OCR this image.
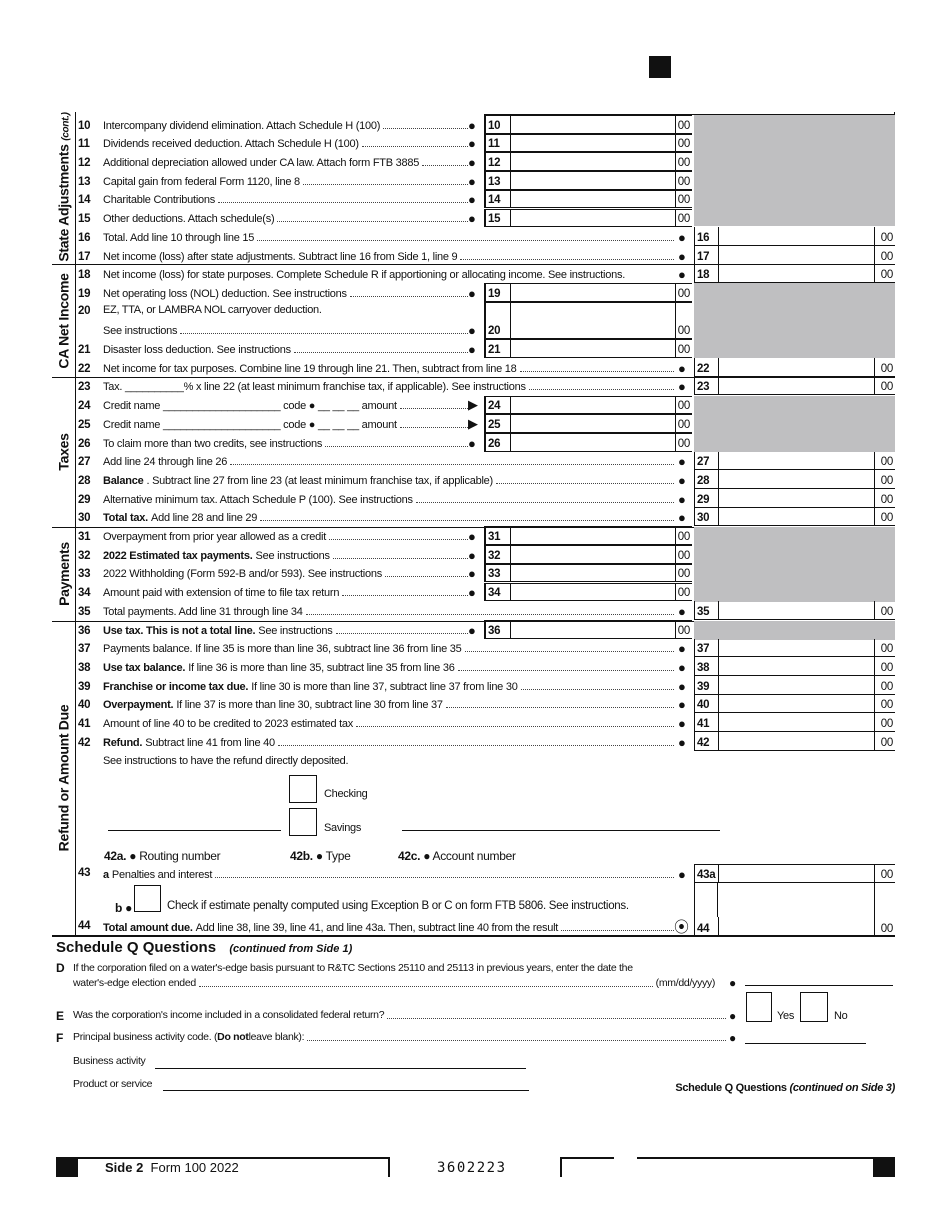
State Adjustments (cont.)
CA Net Income
Taxes
Payments
Refund or Amount Due
10	Intercompany dividend elimination. Attach Schedule H (100)	● 10	00
11	Dividends received deduction. Attach Schedule H (100)	● 11	00
12	Additional depreciation allowed under CA law. Attach form FTB 3885	● 12	00
13	Capital gain from federal Form 1120, line 8	● 13	00
14	Charitable Contributions	● 14	00
15	Other deductions. Attach schedule(s)	● 15	00
16	Total. Add line 10 through line 15	● 16	00
17	Net income (loss) after state adjustments. Subtract line 16 from Side 1, line 9	● 17	00
18	Net income (loss) for state purposes. Complete Schedule R if apportioning or allocating income. See instructions.	● 18	00
19	Net operating loss (NOL) deduction. See instructions	● 19	00
20	EZ, TTA, or LAMBRA NOL carryover deduction.
See instructions	● 20	00
21	Disaster loss deduction. See instructions	● 21	00
22	Net income for tax purposes. Combine line 19 through line 21. Then, subtract from line 18	● 22	00
23	Tax. __________% x line 22 (at least minimum franchise tax, if applicable). See instructions	● 23	00
24	Credit name ____________________ code ● __ __ __ amount	▶ 24	00
25	Credit name ____________________ code ● __ __ __ amount	▶ 25	00
26	To claim more than two credits, see instructions	● 26	00
27	Add line 24 through line 26	● 27	00
28	Balance . Subtract line 27 from line 23 (at least minimum franchise tax, if applicable)	● 28	00
29	Alternative minimum tax. Attach Schedule P (100). See instructions	● 29	00
30	Total tax. Add line 28 and line 29	● 30	00
31	Overpayment from prior year allowed as a credit	● 31	00
32	2022 Estimated tax payments. See instructions	● 32	00
33	2022 Withholding (Form 592-B and/or 593). See instructions	● 33	00
34	Amount paid with extension of time to file tax return	● 34	00
35	Total payments. Add line 31 through line 34	● 35	00
36	Use tax. This is not a total line. See instructions	● 36	00
37	Payments balance. If line 35 is more than line 36, subtract line 36 from line 35	● 37	00
38	Use tax balance. If line 36 is more than line 35, subtract line 35 from line 36	● 38	00
39	Franchise or income tax due. If line 30 is more than line 37, subtract line 37 from line 30	● 39	00
40	Overpayment. If line 37 is more than line 30, subtract line 30 from line 37	● 40	00
41	Amount of line 40 to be credited to 2023 estimated tax	● 41	00
42	Refund. Subtract line 41 from line 40	● 42	00
See instructions to have the refund directly deposited.
Checking
Savings
42a. ● Routing number	42b. ● Type	42c. ● Account number
43	a Penalties and interest	● 43a	00
b ●	Check if estimate penalty computed using Exception B or C on form FTB 5806. See instructions.
44	Total amount due. Add line 38, line 39, line 41, and line 43a. Then, subtract line 40 from the result	⦿ 44	00
Schedule Q Questions (continued from Side 1)
D If the corporation filed on a water's-edge basis pursuant to R&TC Sections 25110 and 25113 in previous years, enter the date the
water's-edge election ended	(mm/dd/yyyy) ●
E Was the corporation's income included in a consolidated federal return?	●	Yes	No
F Principal business activity code. ( Do not leave blank):	●
Business activity
Product or service	Schedule Q Questions (continued on Side 3)
Side 2 Form 100 2022	3602223
